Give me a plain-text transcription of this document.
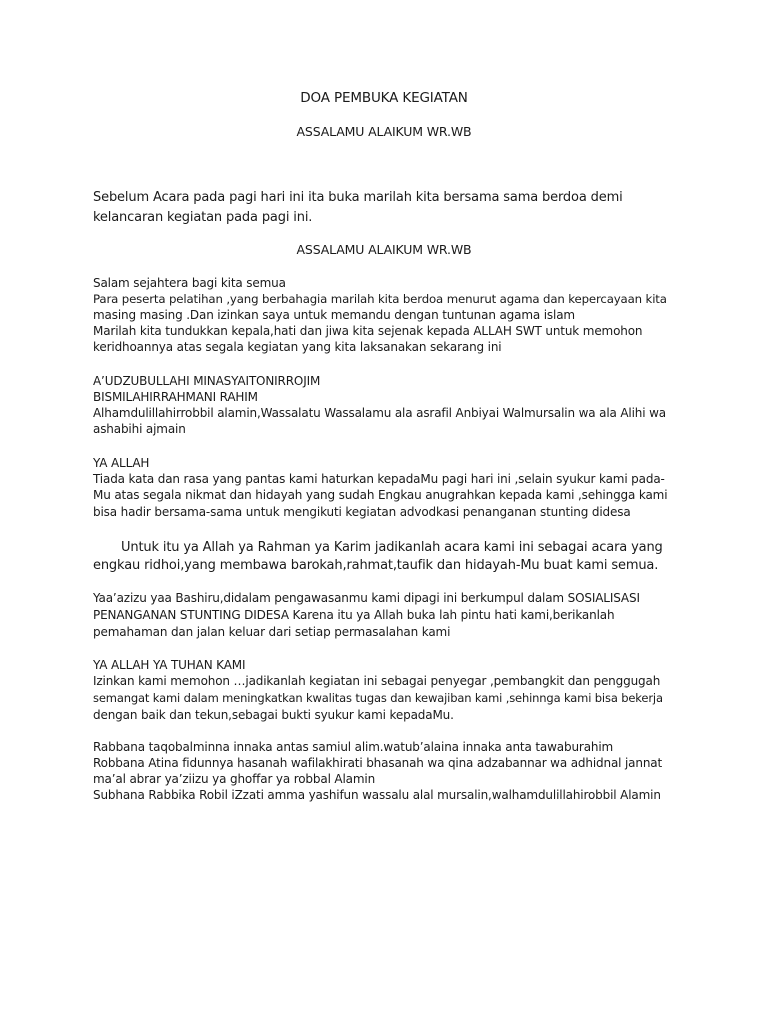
DOA PEMBUKA KEGIATAN
ASSALAMU ALAIKUM WR.WB
Sebelum Acara pada pagi hari ini ita buka marilah kita bersama sama berdoa demi
kelancaran kegiatan pada pagi ini.
ASSALAMU ALAIKUM WR.WB
Salam sejahtera bagi kita semua
Para peserta pelatihan ,yang berbahagia marilah kita berdoa menurut agama dan kepercayaan kita
masing masing .Dan izinkan saya untuk memandu dengan tuntunan agama islam
Marilah kita tundukkan kepala,hati dan jiwa kita sejenak kepada ALLAH SWT untuk memohon
keridhoannya atas segala kegiatan yang kita laksanakan sekarang ini
A’UDZUBULLAHI MINASYAITONIRROJIM
BISMILAHIRRAHMANI RAHIM
Alhamdulillahirrobbil alamin,Wassalatu Wassalamu ala asrafil Anbiyai Walmursalin wa ala Alihi wa
ashabihi ajmain
YA ALLAH
Tiada kata dan rasa yang pantas kami haturkan kepadaMu pagi hari ini ,selain syukur kami pada-
Mu atas segala nikmat dan hidayah yang sudah Engkau anugrahkan kepada kami ,sehingga kami
bisa hadir bersama-sama untuk mengikuti kegiatan advodkasi penanganan stunting didesa
Untuk itu ya Allah ya Rahman ya Karim jadikanlah acara kami ini sebagai acara yang
engkau ridhoi,yang membawa barokah,rahmat,taufik dan hidayah-Mu buat kami semua.
Yaa’azizu yaa Bashiru,didalam pengawasanmu kami dipagi ini berkumpul dalam SOSIALISASI
PENANGANAN STUNTING DIDESA Karena itu ya Allah buka lah pintu hati kami,berikanlah
pemahaman dan jalan keluar dari setiap permasalahan kami
YA ALLAH YA TUHAN KAMI
Izinkan kami memohon …jadikanlah kegiatan ini sebagai penyegar ,pembangkit dan penggugah
semangat kami dalam meningkatkan kwalitas tugas dan kewajiban kami ,sehinnga kami bisa bekerja
dengan baik dan tekun,sebagai bukti syukur kami kepadaMu.
Rabbana taqobalminna innaka antas samiul alim.watub’alaina innaka anta tawaburahim
Robbana Atina fidunnya hasanah wafilakhirati bhasanah wa qina adzabannar wa adhidnal jannat
ma’al abrar ya’ziizu ya ghoffar ya robbal Alamin
Subhana Rabbika Robil iZzati amma yashifun wassalu alal mursalin,walhamdulillahirobbil Alamin
